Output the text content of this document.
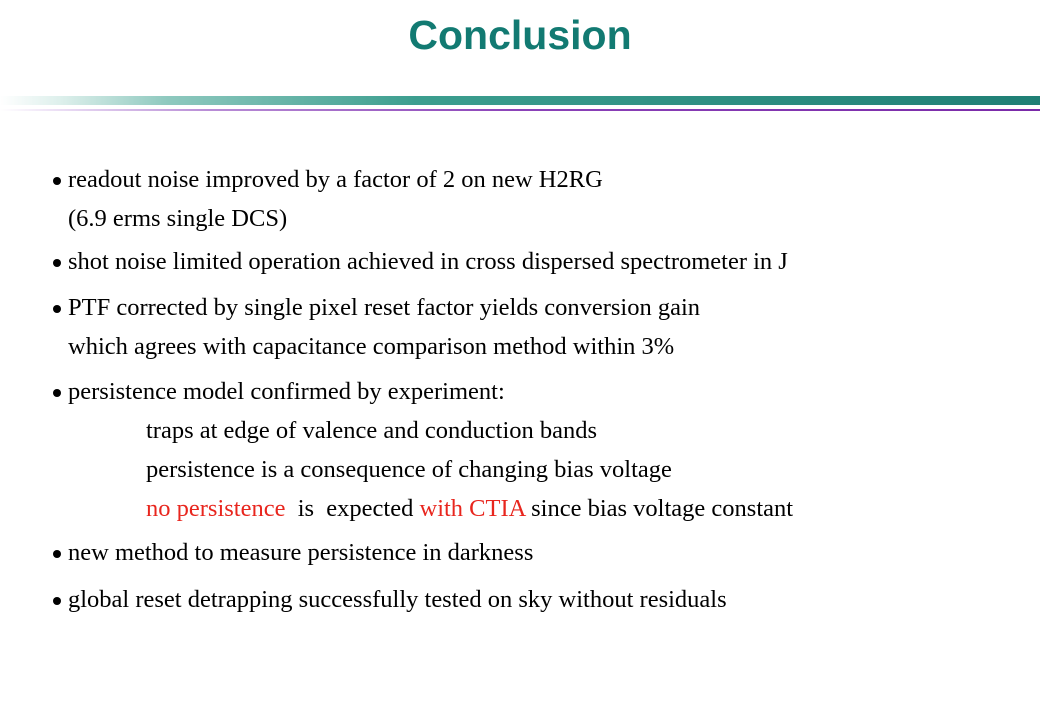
Conclusion
readout noise improved by a factor of 2 on new H2RG
(6.9 erms single DCS)
shot noise limited operation achieved in cross dispersed spectrometer in J
PTF corrected by single pixel reset factor yields conversion gain
which agrees with capacitance comparison method within 3%
persistence model confirmed by experiment:
traps at edge of valence and conduction bands
persistence is a consequence of changing bias voltage
no persistence  is  expected with CTIA since bias voltage constant
new method to measure persistence in darkness
global reset detrapping successfully tested on sky without residuals
